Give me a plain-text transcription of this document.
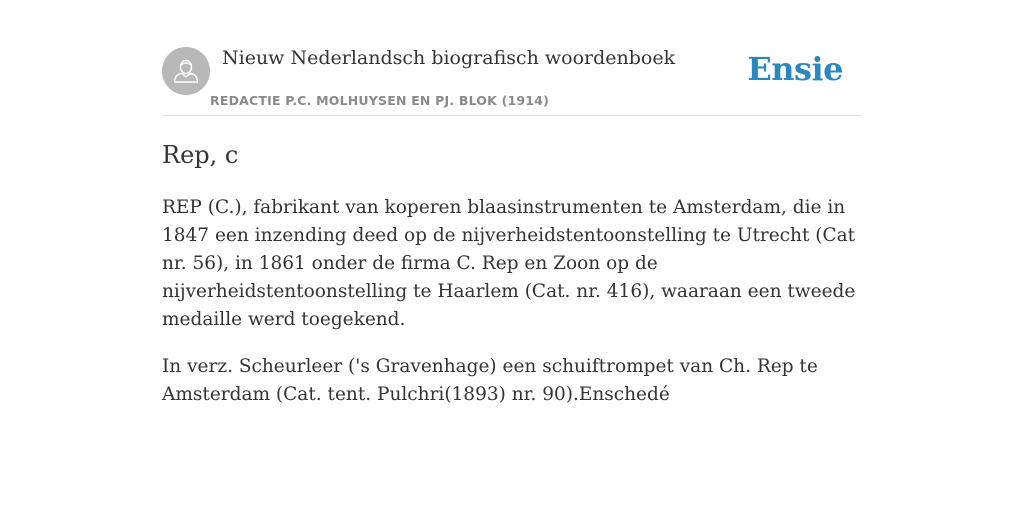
Nieuw Nederlandsch biografisch woordenboek
REDACTIE P.C. MOLHUYSEN EN PJ. BLOK (1914)
Ensie
Rep, c

REP (C.), fabrikant van koperen blaasinstrumenten te Amsterdam, die in 1847 een inzending deed op de nijverheidstentoonstelling te Utrecht (Cat nr. 56), in 1861 onder de firma C. Rep en Zoon op de nijverheidstentoonstelling te Haarlem (Cat. nr. 416), waaraan een tweede medaille werd toegekend.

In verz. Scheurleer ('s Gravenhage) een schuiftrompet van Ch. Rep te Amsterdam (Cat. tent. Pulchri(1893) nr. 90).Enschedé
